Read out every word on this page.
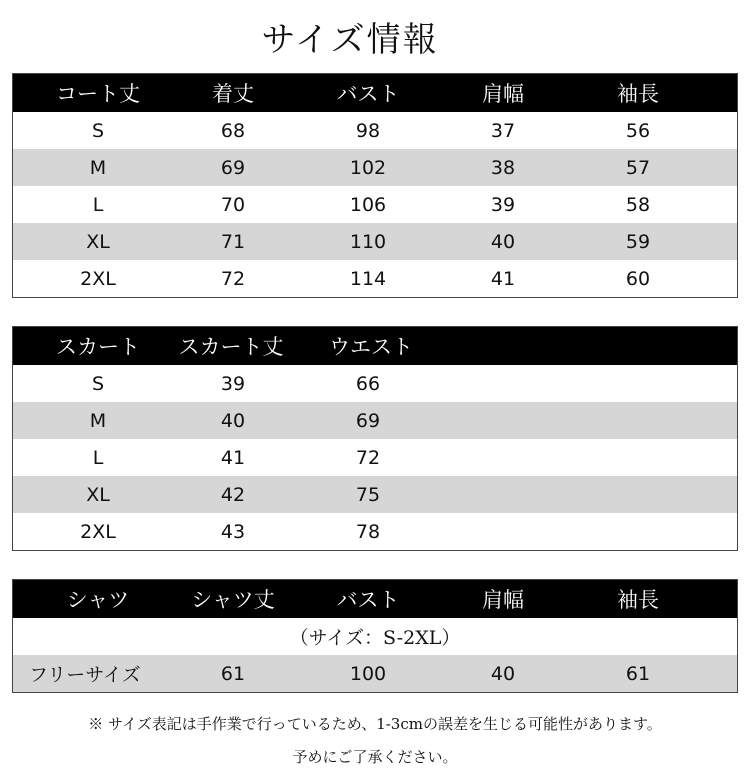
サイズ情報
コート丈	着丈	バスト	肩幅	袖長
S	68	98	37	56
M	69	102	38	57
L	70	106	39	58
XL	71	110	40	59
2XL	72	114	41	60
スカート	スカート丈	ウエスト
S	39	66
M	40	69
L	41	72
XL	42	75
2XL	43	78
シャツ	シャツ丈	バスト	肩幅	袖長
（サイズ：S-2XL）
フリーサイズ	61	100	40	61
※ サイズ表記は手作業で行っているため、1-3cmの誤差を生じる可能性があります。
予めにご了承ください。
